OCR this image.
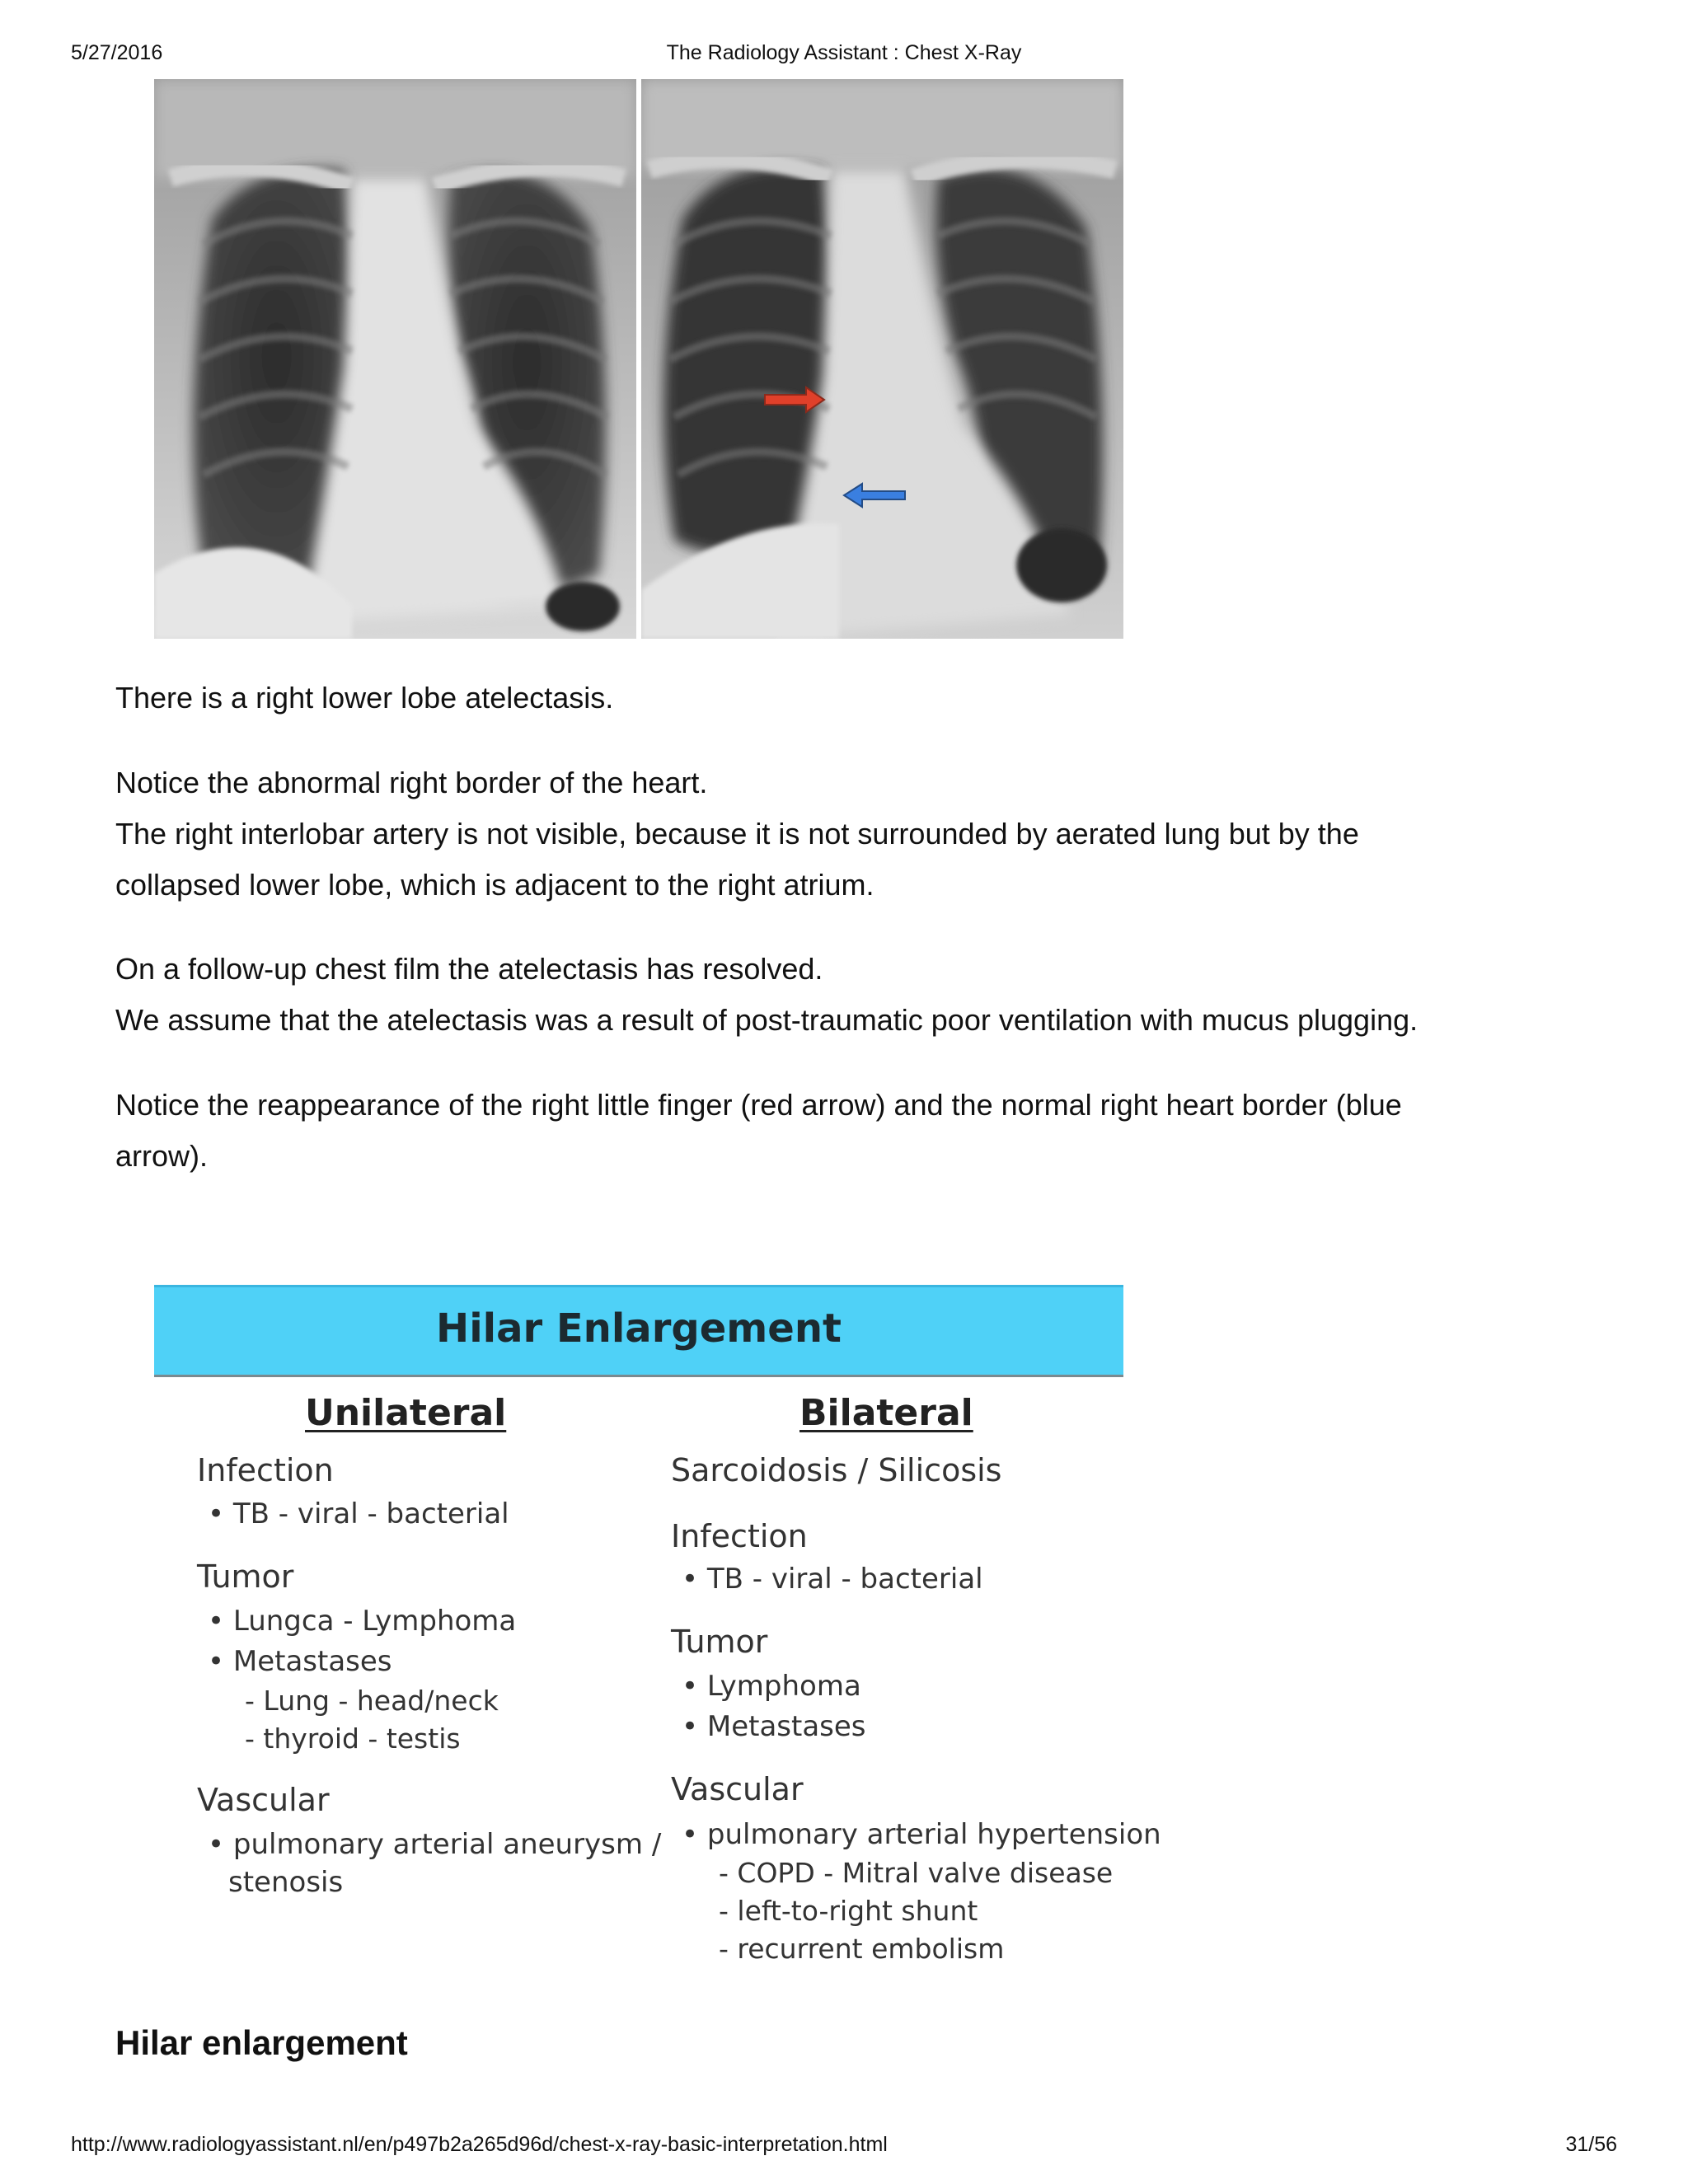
5/27/2016	The Radiology Assistant : Chest X-Ray

There is a right lower lobe atelectasis.

Notice the abnormal right border of the heart.

The right interlobar artery is not visible, because it is not surrounded by aerated lung but by the

collapsed lower lobe, which is adjacent to the right atrium.

On a follow-up chest film the atelectasis has resolved.

We assume that the atelectasis was a result of post-traumatic poor ventilation with mucus plugging.

Notice the reappearance of the right little finger (red arrow) and the normal right heart border (blue

arrow).

Hilar Enlargement
Unilateral	Bilateral
Infection
• TB - viral - bacterial
Tumor
• Lungca - Lymphoma
• Metastases
- Lung - head/neck
- thyroid - testis
Vascular
• pulmonary arterial aneurysm /
stenosis
Sarcoidosis / Silicosis
Infection
• TB - viral - bacterial
Tumor
• Lymphoma
• Metastases
Vascular
• pulmonary arterial hypertension
- COPD - Mitral valve disease
- left-to-right shunt
- recurrent embolism
Hilar enlargement
http://www.radiologyassistant.nl/en/p497b2a265d96d/chest-x-ray-basic-interpretation.html	31/56
